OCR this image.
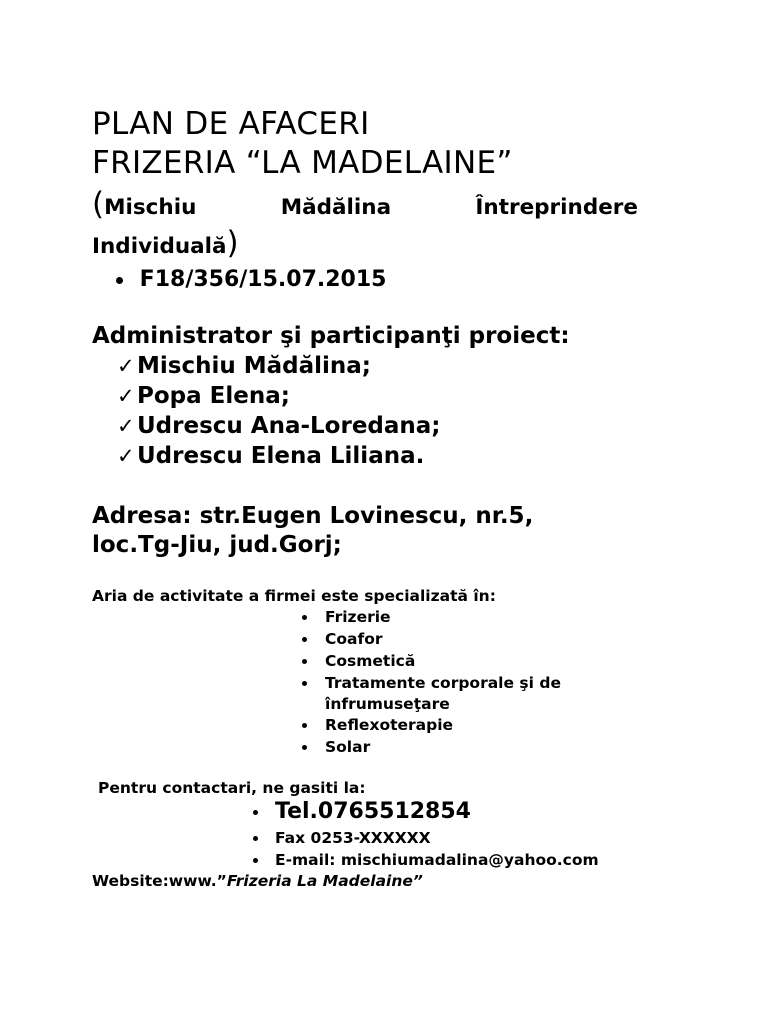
PLAN DE AFACERI
FRIZERIA “LA MADELAINE”
(Mischiu	Mădălina	Întreprindere
Individuală)
F18/356/15.07.2015
Administrator şi participanţi proiect:
✓ Mischiu Mădălina;
✓ Popa Elena;
✓ Udrescu Ana-Loredana;
✓ Udrescu Elena Liliana.
Adresa: str.Eugen Lovinescu, nr.5,
loc.Tg-Jiu, jud.Gorj;
Aria de activitate a firmei este specializată în:
Frizerie
Coafor
Cosmetică
Tratamente corporale şi de
înfrumuseţare
Reflexoterapie
Solar
Pentru contactari, ne gasiti la:
Tel.0765512854
Fax 0253-XXXXXX
E-mail: mischiumadalina@yahoo.com
Website:www.”Frizeria La Madelaine”
